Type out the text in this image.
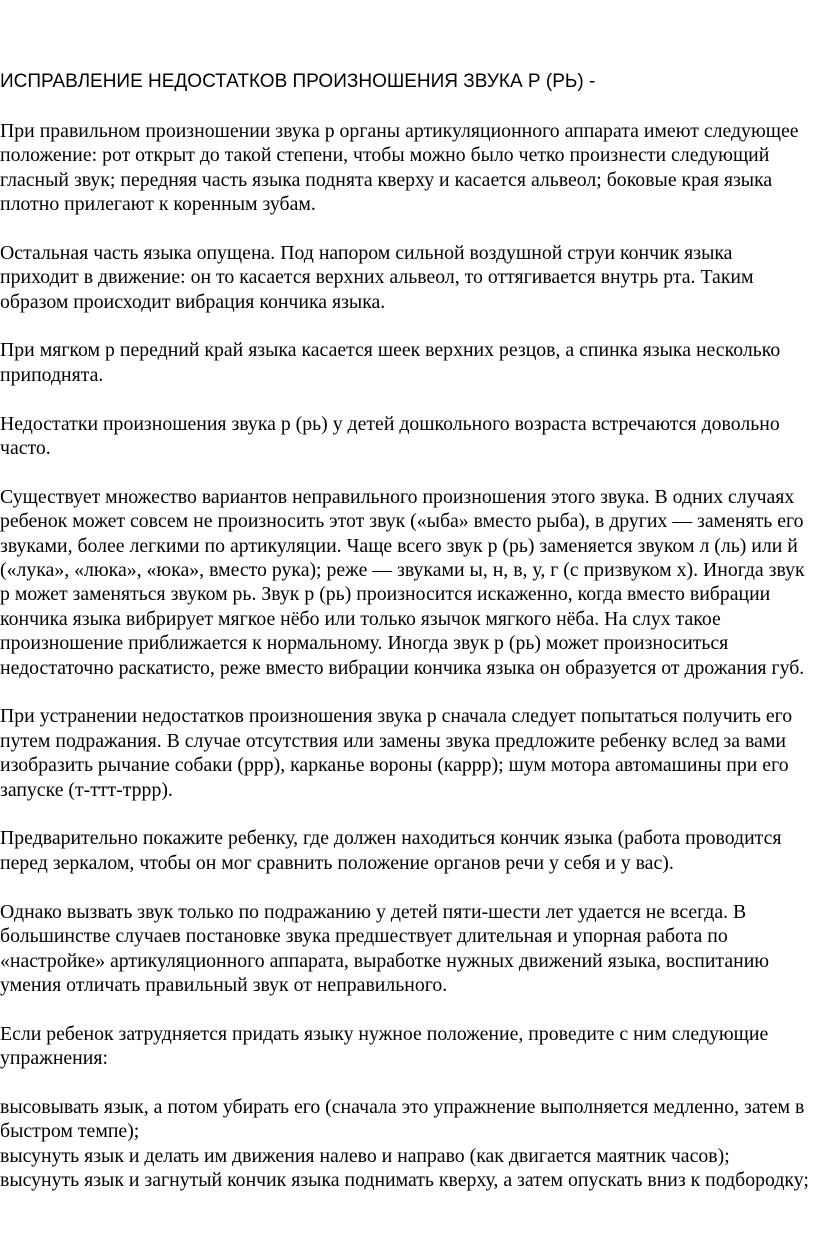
ИСПРАВЛЕНИЕ НЕДОСТАТКОВ ПРОИЗНОШЕНИЯ ЗВУКА Р (РЬ) -

При правильном произношении звука р органы артикуляционного аппарата имеют следующее положение: рот открыт до такой степени, чтобы можно было четко произнести следующий гласный звук; передняя часть языка поднята кверху и касается альвеол; боковые края языка плотно прилегают к коренным зубам.

Остальная часть языка опущена. Под напором сильной воздушной струи кончик языка приходит в движение: он то касается верхних альвеол, то оттягивается внутрь рта. Таким образом происходит вибрация кончика языка.

При мягком р передний край языка касается шеек верхних резцов, а спинка языка несколько приподнята.

Недостатки произношения звука р (рь) у детей дошкольного возраста встречаются довольно часто.

Существует множество вариантов неправильного произношения этого звука. В одних случаях ребенок может совсем не произносить этот звук («ыба» вместо рыба), в других — заменять его звуками, более легкими по артикуляции. Чаще всего звук р (рь) заменяется звуком л (ль) или й («лука», «люка», «юка», вместо рука); реже — звуками ы, н, в, у, г (с призвуком х). Иногда звук р может заменяться звуком рь. Звук р (рь) произносится искаженно, когда вместо вибрации кончика языка вибрирует мягкое нёбо или только язычок мягкого нёба. На слух такое произношение приближается к нормальному. Иногда звук р (рь) может произноситься недостаточно раскатисто, реже вместо вибрации кончика языка он образуется от дрожания губ.

При устранении недостатков произношения звука р сначала следует попытаться получить его путем подражания. В случае отсутствия или замены звука предложите ребенку вслед за вами изобразить рычание собаки (ррр), карканье вороны (каррр); шум мотора автомашины при его запуске (т-ттт-тррр).

Предварительно покажите ребенку, где должен находиться кончик языка (работа проводится перед зеркалом, чтобы он мог сравнить положение органов речи у себя и у вас).

Однако вызвать звук только по подражанию у детей пяти-шести лет удается не всегда. В большинстве случаев постановке звука предшествует длительная и упорная работа по «настройке» артикуляционного аппарата, выработке нужных движений языка, воспитанию умения отличать правильный звук от неправильного.

Если ребенок затрудняется придать языку нужное положение, проведите с ним следующие упражнения:

высовывать язык, а потом убирать его (сначала это упражнение выполняется медленно, затем в быстром темпе);
высунуть язык и делать им движения налево и направо (как двигается маятник часов);
высунуть язык и загнутый кончик языка поднимать кверху, а затем опускать вниз к подбородку;
